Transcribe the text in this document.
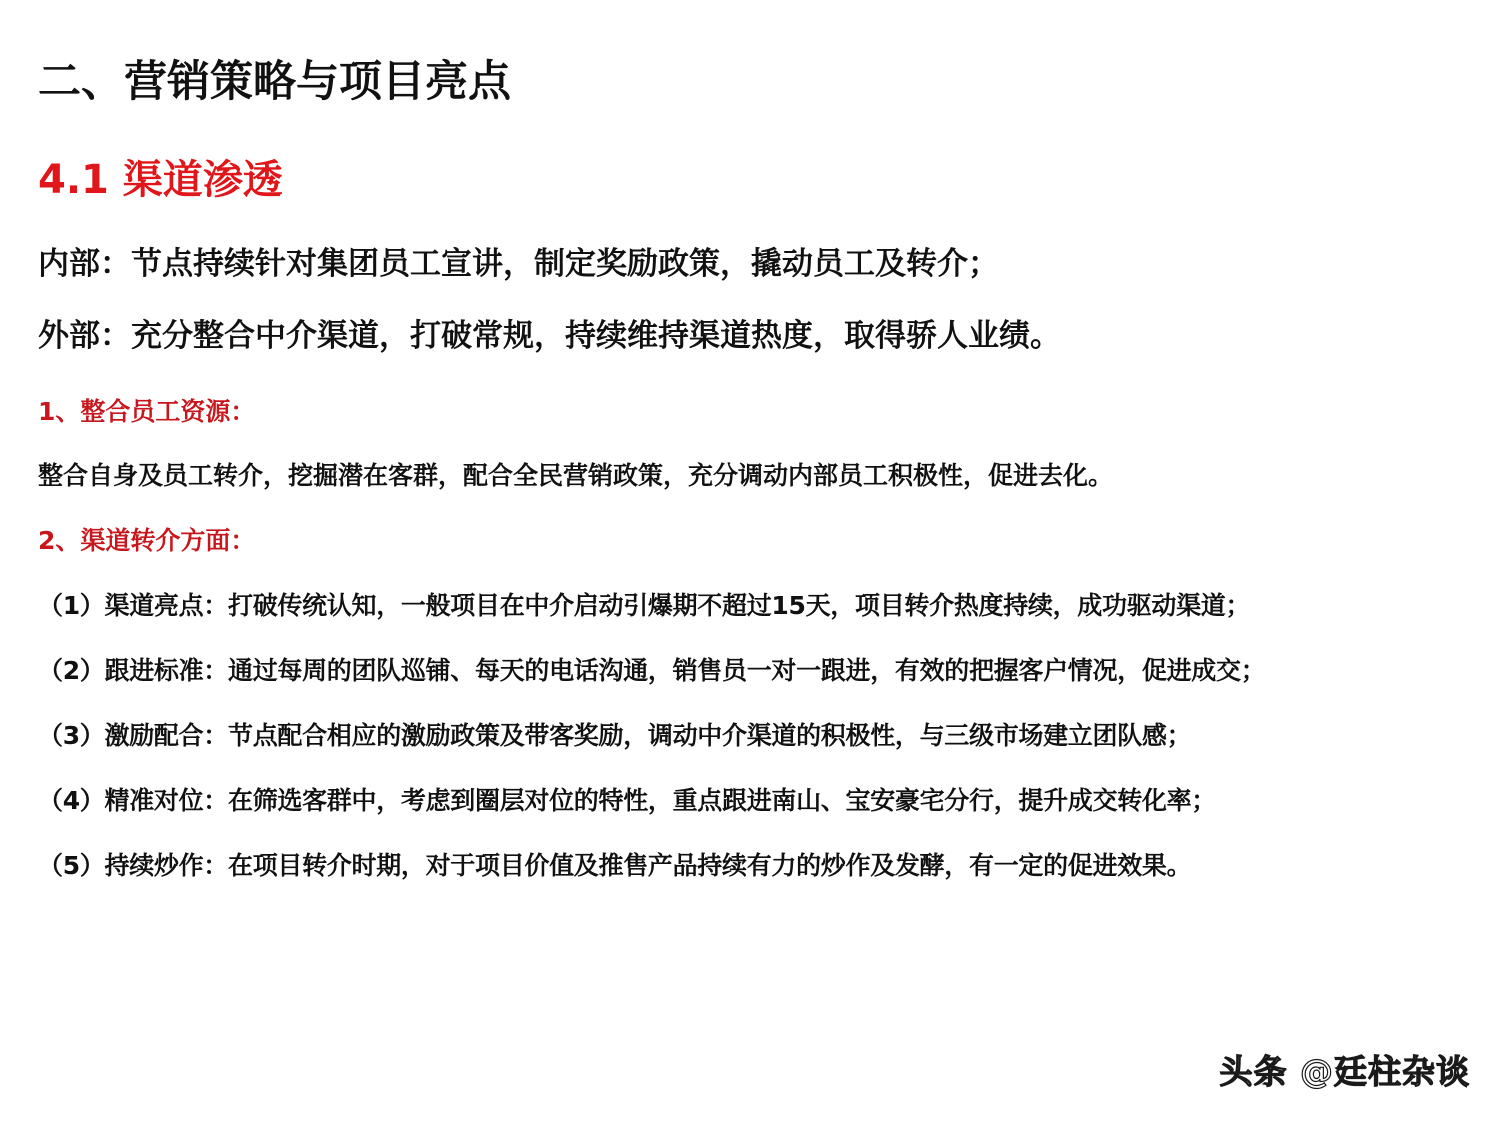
二、营销策略与项目亮点
4.1 渠道渗透
内部：节点持续针对集团员工宣讲，制定奖励政策，撬动员工及转介；
外部：充分整合中介渠道，打破常规，持续维持渠道热度，取得骄人业绩。
1、整合员工资源：
整合自身及员工转介，挖掘潜在客群，配合全民营销政策，充分调动内部员工积极性，促进去化。
2、渠道转介方面：
（1）渠道亮点：打破传统认知，一般项目在中介启动引爆期不超过15天，项目转介热度持续，成功驱动渠道；
（2）跟进标准：通过每周的团队巡铺、每天的电话沟通，销售员一对一跟进，有效的把握客户情况，促进成交；
（3）激励配合：节点配合相应的激励政策及带客奖励，调动中介渠道的积极性，与三级市场建立团队感；
（4）精准对位：在筛选客群中，考虑到圈层对位的特性，重点跟进南山、宝安豪宅分行，提升成交转化率；
（5）持续炒作：在项目转介时期，对于项目价值及推售产品持续有力的炒作及发酵，有一定的促进效果。
头条 @廷柱杂谈
